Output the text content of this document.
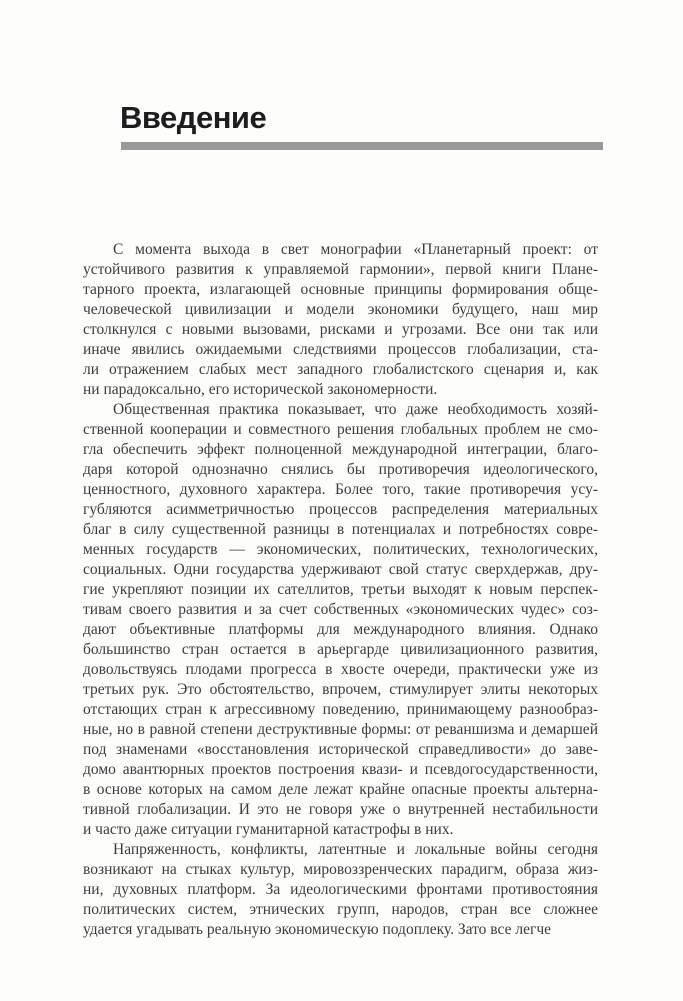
Введение
С момента выхода в свет монографии «Планетарный проект: от
устойчивого развития к управляемой гармонии», первой книги Плане-
тарного проекта, излагающей основные принципы формирования обще-
человеческой цивилизации и модели экономики будущего, наш мир
столкнулся с новыми вызовами, рисками и угрозами. Все они так или
иначе явились ожидаемыми следствиями процессов глобализации, ста-
ли отражением слабых мест западного глобалистского сценария и, как
ни парадоксально, его исторической закономерности.
Общественная практика показывает, что даже необходимость хозяй-
ственной кооперации и совместного решения глобальных проблем не смо-
гла обеспечить эффект полноценной международной интеграции, благо-
даря которой однозначно снялись бы противоречия идеологического,
ценностного, духовного характера. Более того, такие противоречия усу-
губляются асимметричностью процессов распределения материальных
благ в силу существенной разницы в потенциалах и потребностях совре-
менных государств — экономических, политических, технологических,
социальных. Одни государства удерживают свой статус сверхдержав, дру-
гие укрепляют позиции их сателлитов, третьи выходят к новым перспек-
тивам своего развития и за счет собственных «экономических чудес» соз-
дают объективные платформы для международного влияния. Однако
большинство стран остается в арьергарде цивилизационного развития,
довольствуясь плодами прогресса в хвосте очереди, практически уже из
третьих рук. Это обстоятельство, впрочем, стимулирует элиты некоторых
отстающих стран к агрессивному поведению, принимающему разнообраз-
ные, но в равной степени деструктивные формы: от реваншизма и демаршей
под знаменами «восстановления исторической справедливости» до заве-
домо авантюрных проектов построения квази- и псевдогосударственности,
в основе которых на самом деле лежат крайне опасные проекты альтерна-
тивной глобализации. И это не говоря уже о внутренней нестабильности
и часто даже ситуации гуманитарной катастрофы в них.
Напряженность, конфликты, латентные и локальные войны сегодня
возникают на стыках культур, мировоззренческих парадигм, образа жиз-
ни, духовных платформ. За идеологическими фронтами противостояния
политических систем, этнических групп, народов, стран все сложнее
удается угадывать реальную экономическую подоплеку. Зато все легче
